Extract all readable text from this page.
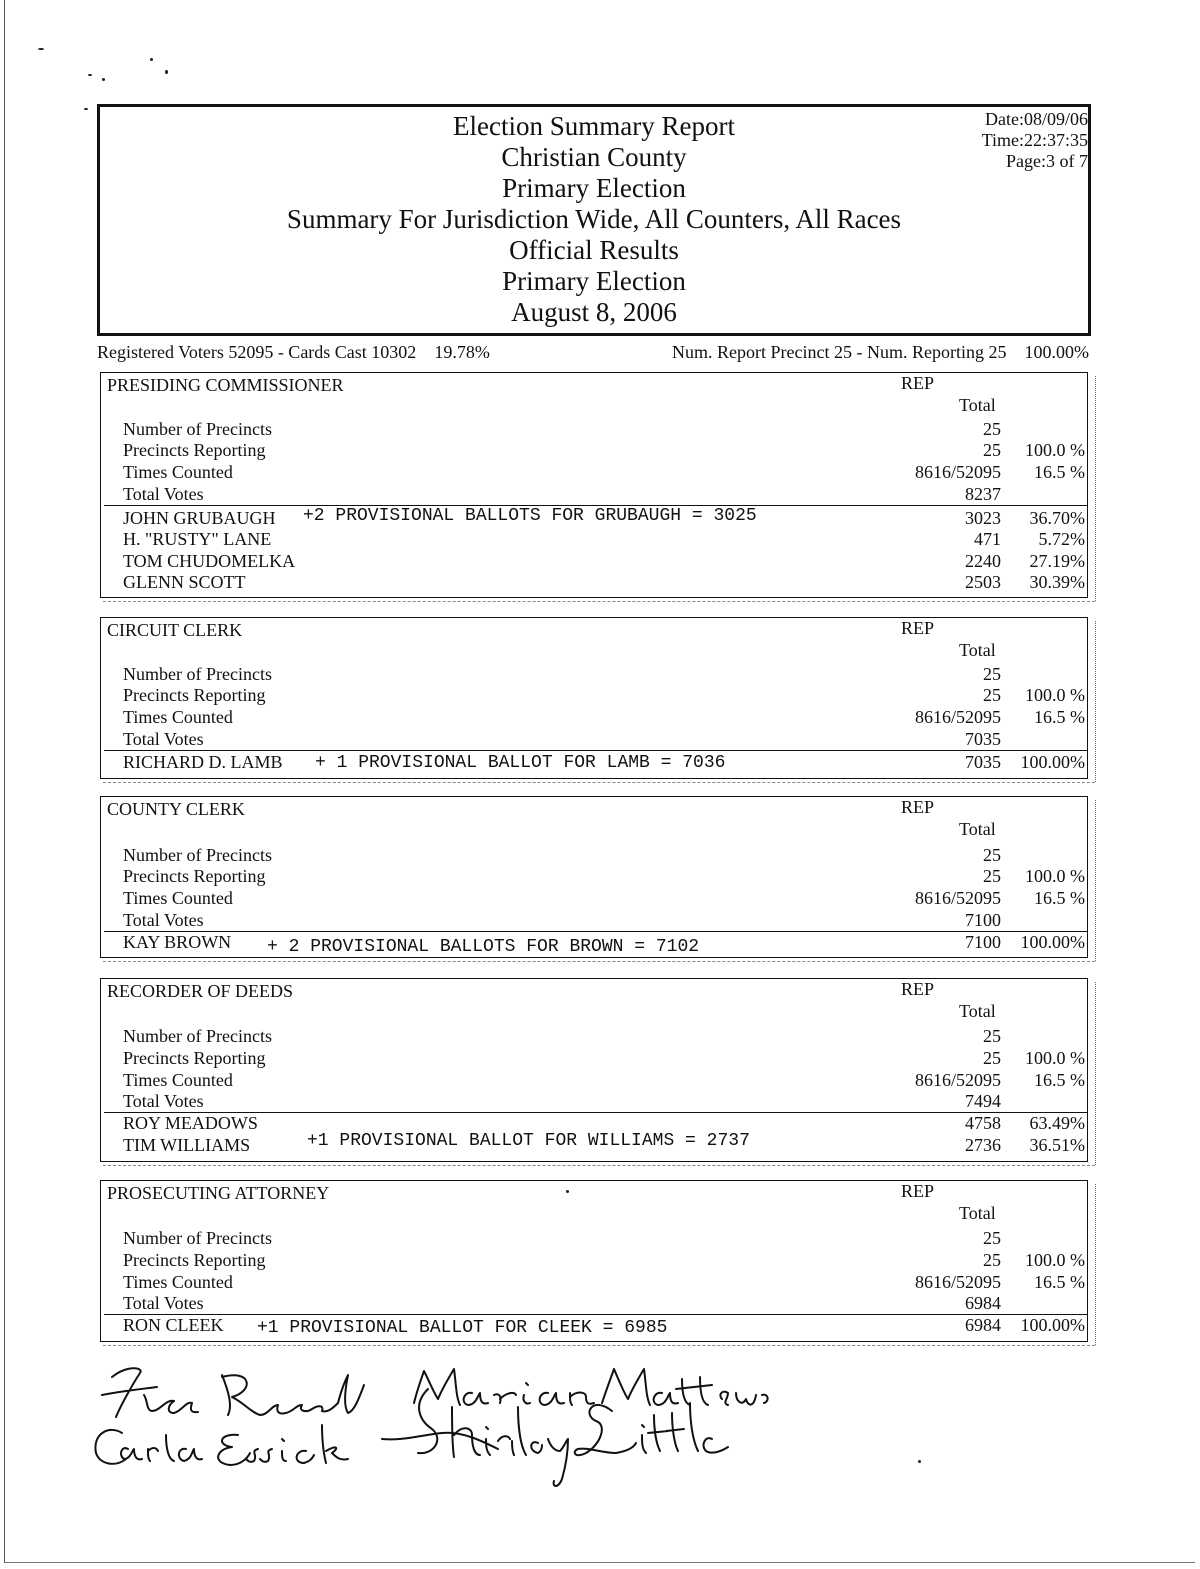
Election Summary Report
Christian County
Primary Election
Summary For Jurisdiction Wide, All Counters, All Races
Official Results
Primary Election
August 8, 2006
Date:08/09/06
Time:22:37:35
Page:3 of 7
Registered Voters 52095 - Cards Cast 10302 19.78%	Num. Report Precinct 25 - Num. Reporting 25 100.00%
PRESIDING COMMISSIONER	REP
Total
Number of Precincts	25
Precincts Reporting	25	100.0 %
Times Counted	8616/52095	16.5 %
Total Votes	8237
JOHN GRUBAUGH	3023	36.70%
+2 PROVISIONAL BALLOTS FOR GRUBAUGH = 3025
H. "RUSTY" LANE	471	5.72%
TOM CHUDOMELKA	2240	27.19%
GLENN SCOTT	2503	30.39%
CIRCUIT CLERK	REP
Total
Number of Precincts	25
Precincts Reporting	25	100.0 %
Times Counted	8616/52095	16.5 %
Total Votes	7035
RICHARD D. LAMB	7035	100.00%
+ 1 PROVISIONAL BALLOT FOR LAMB = 7036
COUNTY CLERK	REP
Total
Number of Precincts	25
Precincts Reporting	25	100.0 %
Times Counted	8616/52095	16.5 %
Total Votes	7100
KAY BROWN	7100	100.00%
+ 2 PROVISIONAL BALLOTS FOR BROWN = 7102
RECORDER OF DEEDS	REP
Total
Number of Precincts	25
Precincts Reporting	25	100.0 %
Times Counted	8616/52095	16.5 %
Total Votes	7494
ROY MEADOWS	4758	63.49%
TIM WILLIAMS	2736	36.51%
+1 PROVISIONAL BALLOT FOR WILLIAMS = 2737
PROSECUTING ATTORNEY	REP
Total
Number of Precincts	25
Precincts Reporting	25	100.0 %
Times Counted	8616/52095	16.5 %
Total Votes	6984
RON CLEEK	6984	100.00%
+1 PROVISIONAL BALLOT FOR CLEEK = 6985
